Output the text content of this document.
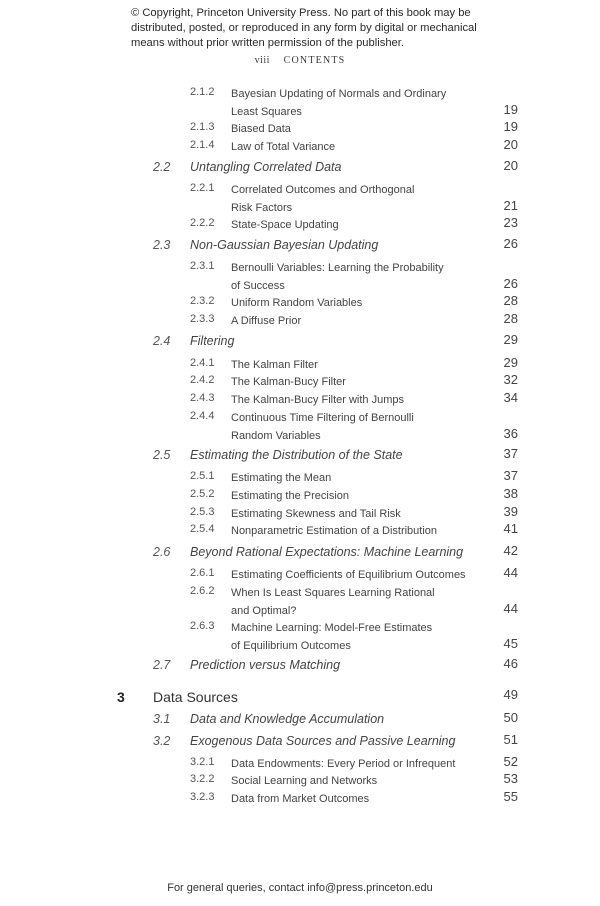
© Copyright, Princeton University Press. No part of this book may be distributed, posted, or reproduced in any form by digital or mechanical means without prior written permission of the publisher.
viii CONTENTS
2.1.2 Bayesian Updating of Normals and Ordinary
Least Squares	19
2.1.3 Biased Data	19
2.1.4 Law of Total Variance	20
2.2 Untangling Correlated Data	20
2.2.1 Correlated Outcomes and Orthogonal
Risk Factors	21
2.2.2 State-Space Updating	23
2.3 Non-Gaussian Bayesian Updating	26
2.3.1 Bernoulli Variables: Learning the Probability
of Success	26
2.3.2 Uniform Random Variables	28
2.3.3 A Diffuse Prior	28
2.4 Filtering	29
2.4.1 The Kalman Filter	29
2.4.2 The Kalman-Bucy Filter	32
2.4.3 The Kalman-Bucy Filter with Jumps	34
2.4.4 Continuous Time Filtering of Bernoulli
Random Variables	36
2.5 Estimating the Distribution of the State	37
2.5.1 Estimating the Mean	37
2.5.2 Estimating the Precision	38
2.5.3 Estimating Skewness and Tail Risk	39
2.5.4 Nonparametric Estimation of a Distribution	41
2.6 Beyond Rational Expectations: Machine Learning	42
2.6.1 Estimating Coefficients of Equilibrium Outcomes	44
2.6.2 When Is Least Squares Learning Rational
and Optimal?	44
2.6.3 Machine Learning: Model-Free Estimates
of Equilibrium Outcomes	45
2.7 Prediction versus Matching	46
3 Data Sources	49
3.1 Data and Knowledge Accumulation	50
3.2 Exogenous Data Sources and Passive Learning	51
3.2.1 Data Endowments: Every Period or Infrequent	52
3.2.2 Social Learning and Networks	53
3.2.3 Data from Market Outcomes	55
For general queries, contact info@press.princeton.edu
